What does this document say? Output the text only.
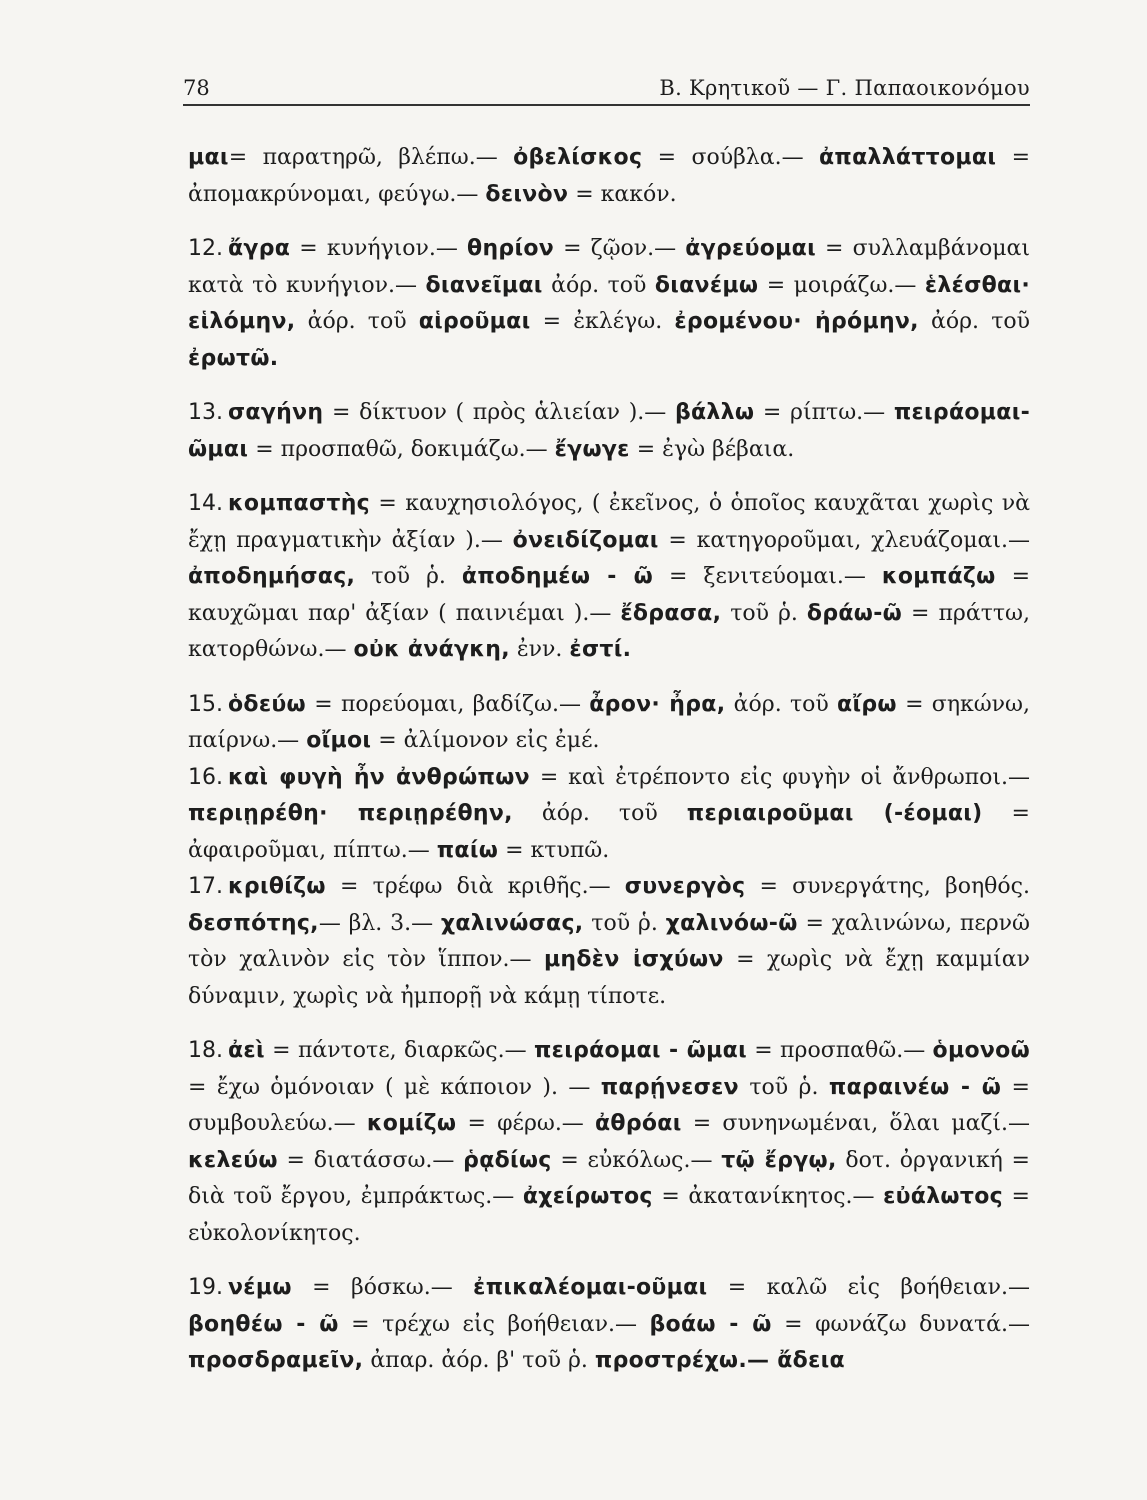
78	Β. Κρητικοῦ — Γ. Παπαοικονόμου

μαι= παρατηρῶ, βλέπω.— ὀβελίσκος = σούβλα.— ἀπαλλάττομαι = ἀπομακρύνομαι, φεύγω.— δεινὸν = κακόν.

12. ἄγρα = κυνήγιον.— θηρίον = ζῷον.— ἀγρεύομαι = συλλαμβάνομαι κατὰ τὸ κυνήγιον.— διανεῖμαι ἀόρ. τοῦ διανέμω = μοιράζω.— ἑλέσθαι· εἱλόμην, ἀόρ. τοῦ αἱροῦμαι = ἐκλέγω. ἐρομένου· ἠρόμην, ἀόρ. τοῦ ἐρωτῶ.

13. σαγήνη = δίκτυον ( πρὸς ἁλιείαν ).— βάλλω = ρίπτω.— πειράομαι-ῶμαι = προσπαθῶ, δοκιμάζω.— ἔγωγε = ἐγὼ βέβαια.

14. κομπαστὴς = καυχησιολόγος, ( ἐκεῖνος, ὁ ὁποῖος καυχᾶται χωρὶς νὰ ἔχῃ πραγματικὴν ἀξίαν ).— ὀνειδίζομαι = κατηγοροῦμαι, χλευάζομαι.— ἀποδημήσας, τοῦ ῥ. ἀποδημέω - ῶ = ξενιτεύομαι.— κομπάζω = καυχῶμαι παρ' ἀξίαν ( παινιέμαι ).— ἔδρασα, τοῦ ῥ. δράω-ῶ = πράττω, κατορθώνω.— οὐκ ἀνάγκη, ἐνν. ἐστί.

15. ὁδεύω = πορεύομαι, βαδίζω.— ἆρον· ἦρα, ἀόρ. τοῦ αἴρω = σηκώνω, παίρνω.— οἴμοι = ἀλίμονον εἰς ἐμέ.

16. καὶ φυγὴ ἦν ἀνθρώπων = καὶ ἐτρέποντο εἰς φυγὴν οἱ ἄνθρωποι.— περιῃρέθη· περιῃρέθην, ἀόρ. τοῦ περιαιροῦμαι (-έομαι) = ἀφαιροῦμαι, πίπτω.— παίω = κτυπῶ.

17. κριθίζω = τρέφω διὰ κριθῆς.— συνεργὸς = συνεργάτης, βοηθός. δεσπότης,— βλ. 3.— χαλινώσας, τοῦ ῥ. χαλινόω-ῶ = χαλινώνω, περνῶ τὸν χαλινὸν εἰς τὸν ἵππον.— μηδὲν ἰσχύων = χωρὶς νὰ ἔχῃ καμμίαν δύναμιν, χωρὶς νὰ ἠμπορῇ νὰ κάμῃ τίποτε.

18. ἀεὶ = πάντοτε, διαρκῶς.— πειράομαι - ῶμαι = προσπαθῶ.— ὁμονοῶ = ἔχω ὁμόνοιαν ( μὲ κάποιον ). — παρῄνεσεν τοῦ ῥ. παραινέω - ῶ = συμβουλεύω.— κομίζω = φέρω.— ἀθρόαι = συνηνωμέναι, ὅλαι μαζί.— κελεύω = διατάσσω.— ῥᾳδίως = εὐκόλως.— τῷ ἔργῳ, δοτ. ὀργανική = διὰ τοῦ ἔργου, ἐμπράκτως.— ἀχείρωτος = ἀκατανίκητος.— εὐάλωτος = εὐκολονίκητος.

19. νέμω = βόσκω.— ἐπικαλέομαι-οῦμαι = καλῶ εἰς βοήθειαν.— βοηθέω - ῶ = τρέχω εἰς βοήθειαν.— βοάω - ῶ = φωνάζω δυνατά.— προσδραμεῖν, ἀπαρ. ἀόρ. β' τοῦ ῥ. προστρέχω.— ἄδεια
